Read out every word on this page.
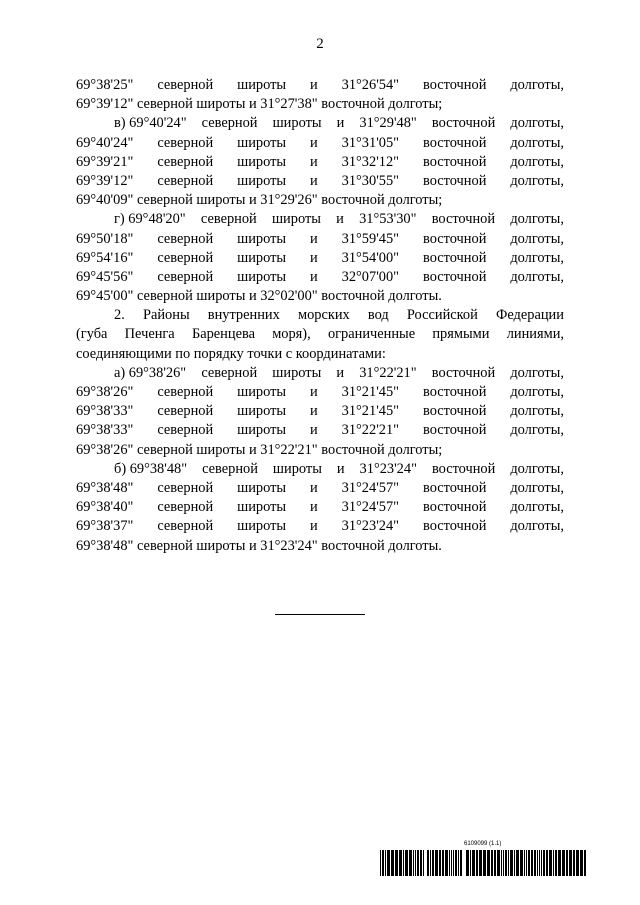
2
69°38'25" северной широты и 31°26'54" восточной долготы,
69°39'12" северной широты и 31°27'38" восточной долготы;
в) 69°40'24" северной широты и 31°29'48" восточной долготы,
69°40'24" северной широты и 31°31'05" восточной долготы,
69°39'21" северной широты и 31°32'12" восточной долготы,
69°39'12" северной широты и 31°30'55" восточной долготы,
69°40'09" северной широты и 31°29'26" восточной долготы;
г) 69°48'20" северной широты и 31°53'30" восточной долготы,
69°50'18" северной широты и 31°59'45" восточной долготы,
69°54'16" северной широты и 31°54'00" восточной долготы,
69°45'56" северной широты и 32°07'00" восточной долготы,
69°45'00" северной широты и 32°02'00" восточной долготы.
2. Районы внутренних морских вод Российской Федерации
(губа Печенга Баренцева моря), ограниченные прямыми линиями,
соединяющими по порядку точки с координатами:
а) 69°38'26" северной широты и 31°22'21" восточной долготы,
69°38'26" северной широты и 31°21'45" восточной долготы,
69°38'33" северной широты и 31°21'45" восточной долготы,
69°38'33" северной широты и 31°22'21" восточной долготы,
69°38'26" северной широты и 31°22'21" восточной долготы;
б) 69°38'48" северной широты и 31°23'24" восточной долготы,
69°38'48" северной широты и 31°24'57" восточной долготы,
69°38'40" северной широты и 31°24'57" восточной долготы,
69°38'37" северной широты и 31°23'24" восточной долготы,
69°38'48" северной широты и 31°23'24" восточной долготы.
6109099 (1.1)
